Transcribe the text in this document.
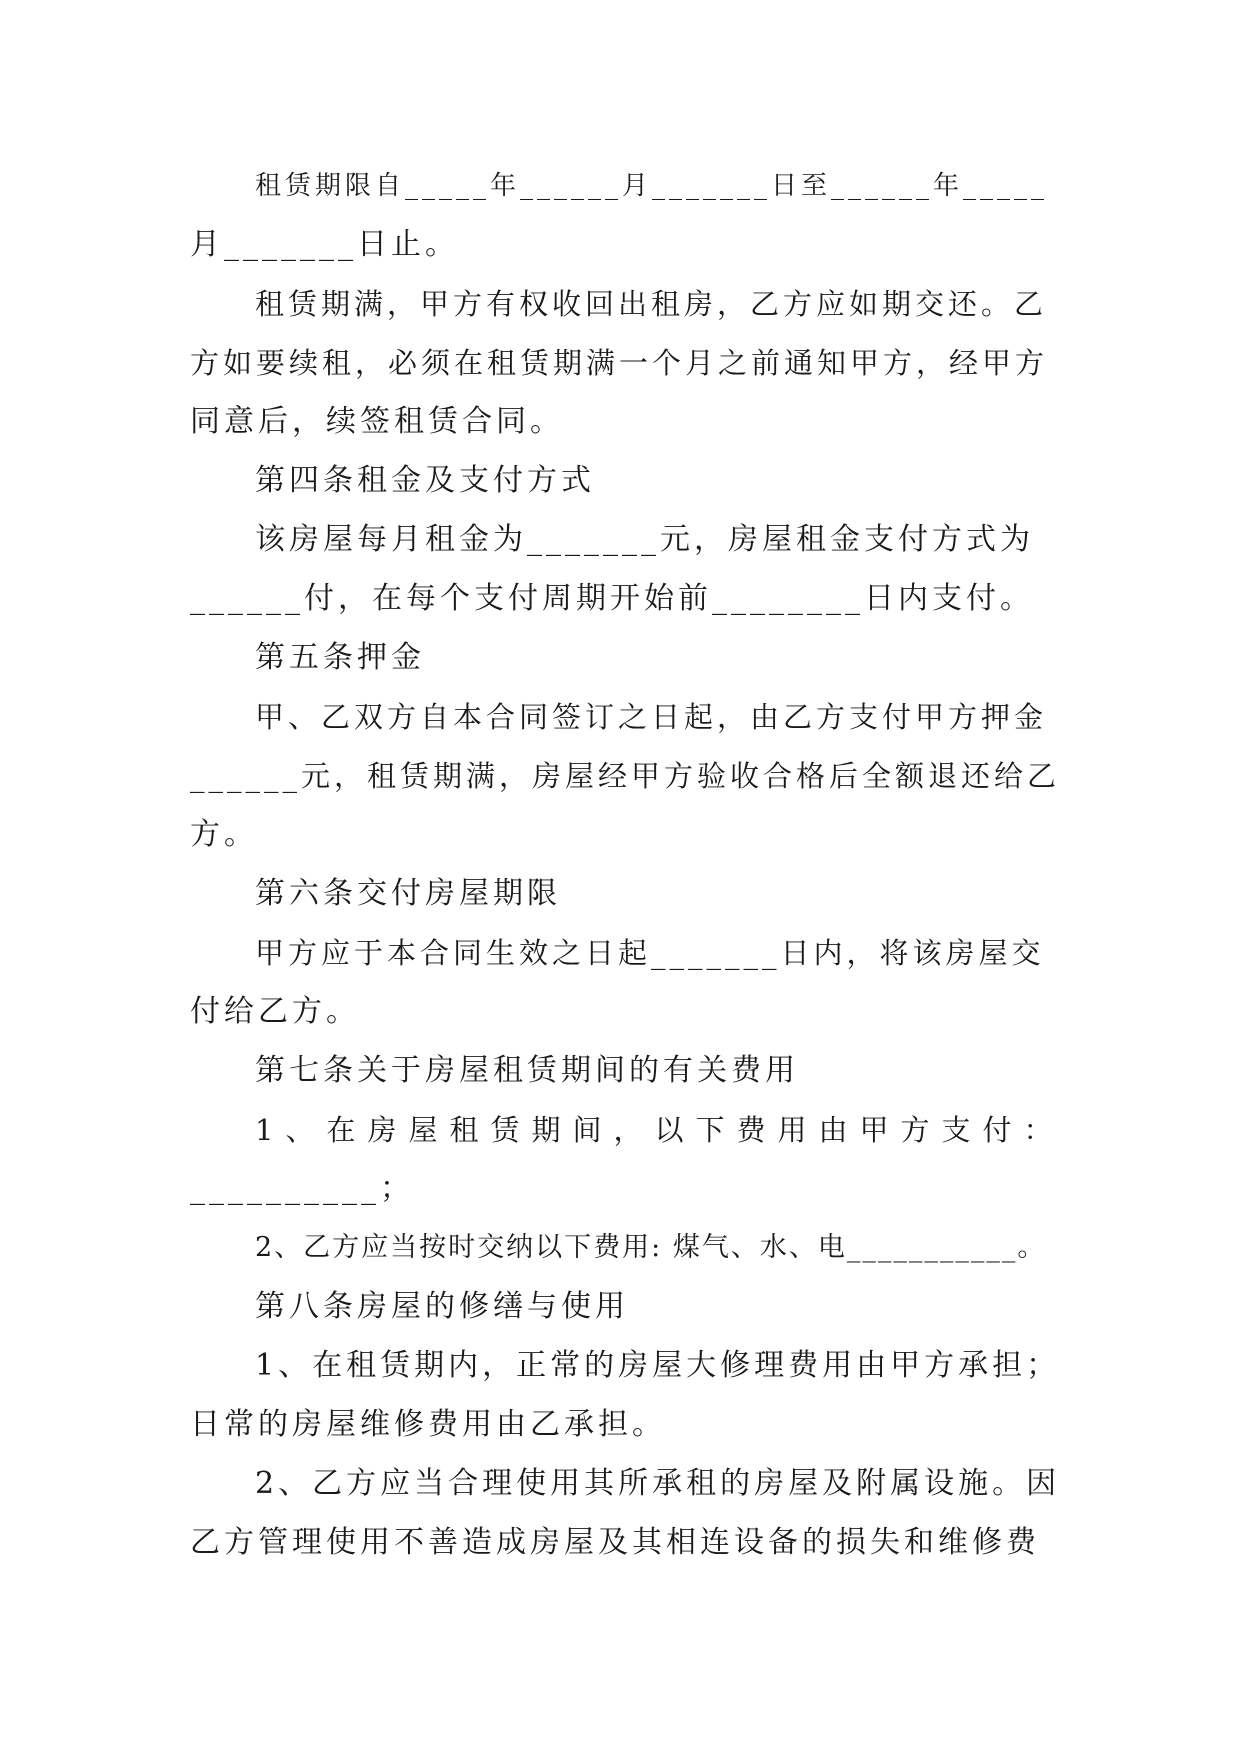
租赁期限自_____年______月_______日至______年_____
月_______日止。
租赁期满，甲方有权收回出租房，乙方应如期交还。乙
方如要续租，必须在租赁期满一个月之前通知甲方，经甲方
同意后，续签租赁合同。
第四条租金及支付方式
该房屋每月租金为_______元，房屋租金支付方式为
______付，在每个支付周期开始前________日内支付。
第五条押金
甲、乙双方自本合同签订之日起，由乙方支付甲方押金
______元，租赁期满，房屋经甲方验收合格后全额退还给乙
方。
第六条交付房屋期限
甲方应于本合同生效之日起_______日内，将该房屋交
付给乙方。
第七条关于房屋租赁期间的有关费用
1、在房屋租赁期间，以下费用由甲方支付：
__________；
2、乙方应当按时交纳以下费用: 煤气、水、电___________。
第八条房屋的修缮与使用
1、在租赁期内，正常的房屋大修理费用由甲方承担；
日常的房屋维修费用由乙承担。
2、乙方应当合理使用其所承租的房屋及附属设施。因
乙方管理使用不善造成房屋及其相连设备的损失和维修费
